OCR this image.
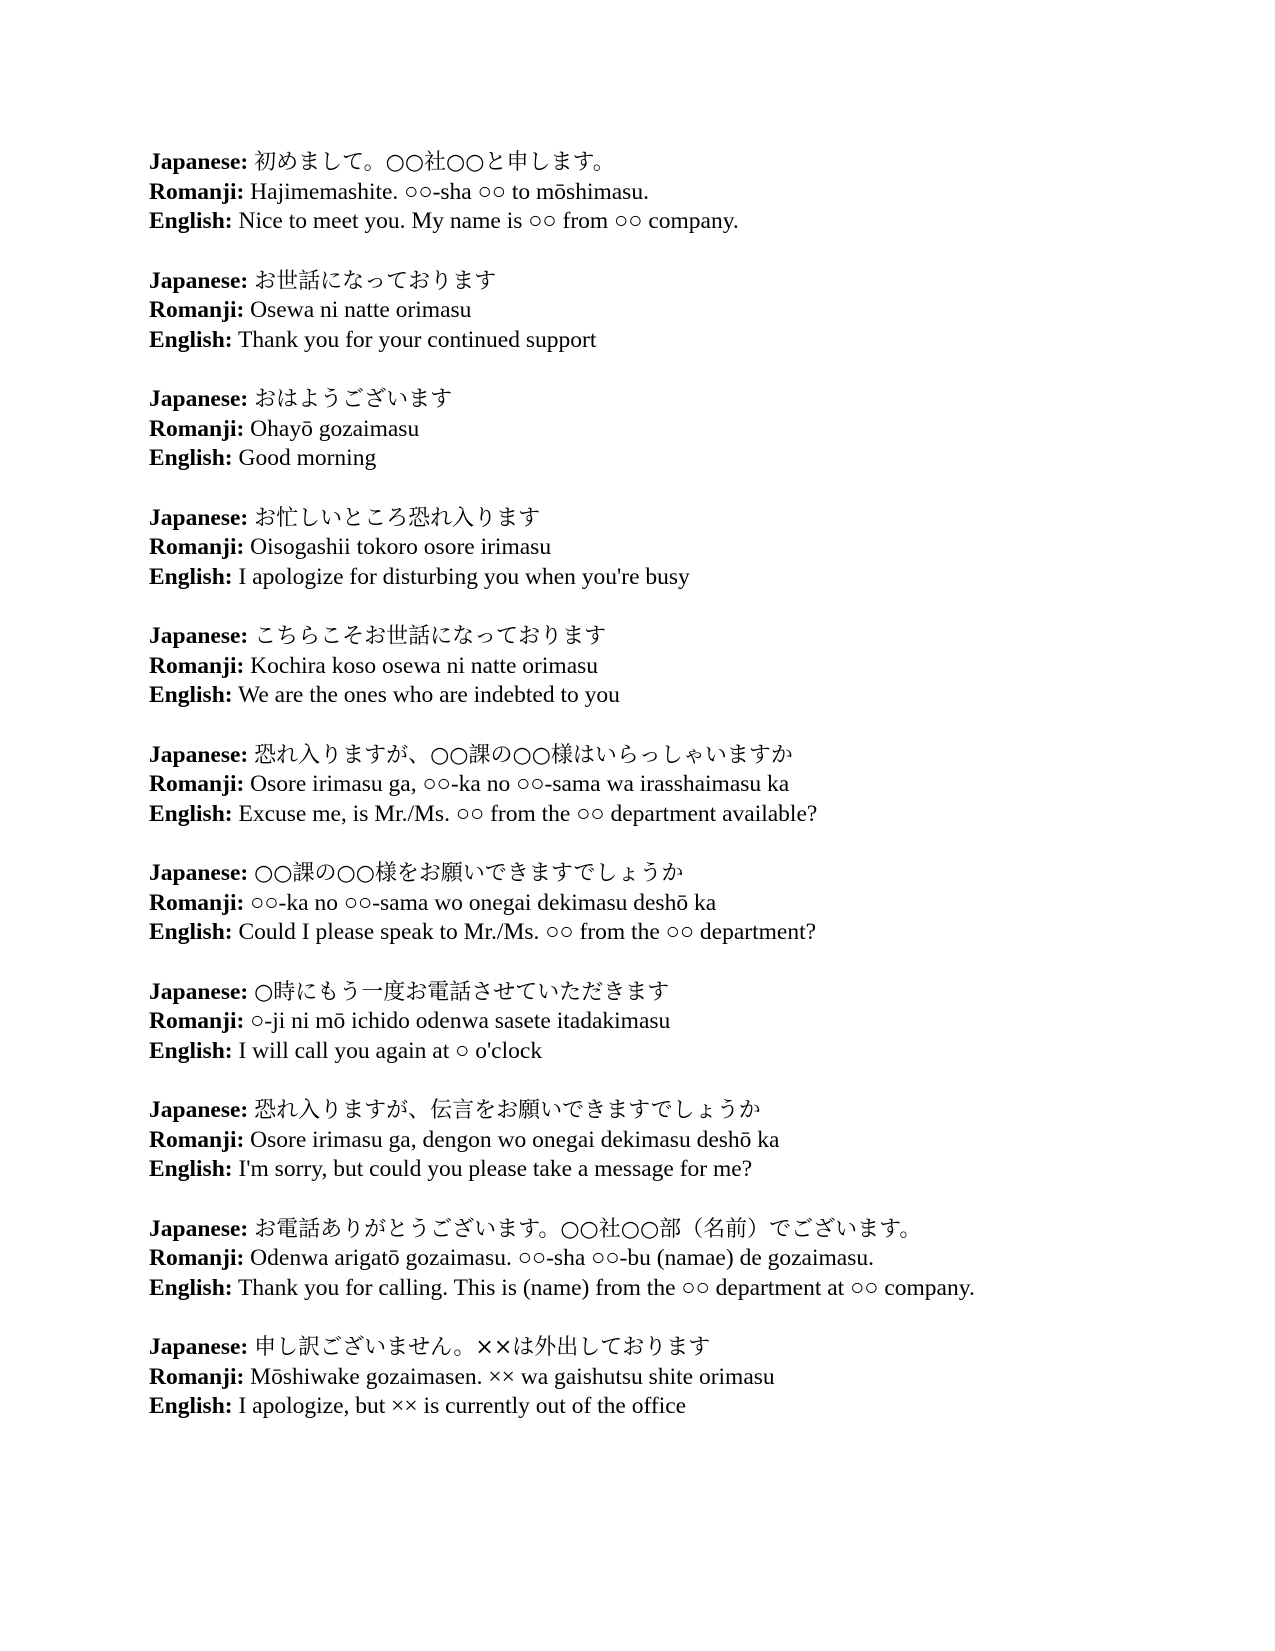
Japanese: 初めまして。○○社○○と申します。
Romanji: Hajimemashite. ○○-sha ○○ to mōshimasu.
English: Nice to meet you. My name is ○○ from ○○ company.
Japanese: お世話になっております
Romanji: Osewa ni natte orimasu
English: Thank you for your continued support
Japanese: おはようございます
Romanji: Ohayō gozaimasu
English: Good morning
Japanese: お忙しいところ恐れ入ります
Romanji: Oisogashii tokoro osore irimasu
English: I apologize for disturbing you when you're busy
Japanese: こちらこそお世話になっております
Romanji: Kochira koso osewa ni natte orimasu
English: We are the ones who are indebted to you
Japanese: 恐れ入りますが、○○課の○○様はいらっしゃいますか
Romanji: Osore irimasu ga, ○○-ka no ○○-sama wa irasshaimasu ka
English: Excuse me, is Mr./Ms. ○○ from the ○○ department available?
Japanese: ○○課の○○様をお願いできますでしょうか
Romanji: ○○-ka no ○○-sama wo onegai dekimasu deshō ka
English: Could I please speak to Mr./Ms. ○○ from the ○○ department?
Japanese: ○時にもう一度お電話させていただきます
Romanji: ○-ji ni mō ichido odenwa sasete itadakimasu
English: I will call you again at ○ o'clock
Japanese: 恐れ入りますが、伝言をお願いできますでしょうか
Romanji: Osore irimasu ga, dengon wo onegai dekimasu deshō ka
English: I'm sorry, but could you please take a message for me?
Japanese: お電話ありがとうございます。○○社○○部（名前）でございます。
Romanji: Odenwa arigatō gozaimasu. ○○-sha ○○-bu (namae) de gozaimasu.
English: Thank you for calling. This is (name) from the ○○ department at ○○ company.
Japanese: 申し訳ございません。××は外出しております
Romanji: Mōshiwake gozaimasen. ×× wa gaishutsu shite orimasu
English: I apologize, but ×× is currently out of the office
